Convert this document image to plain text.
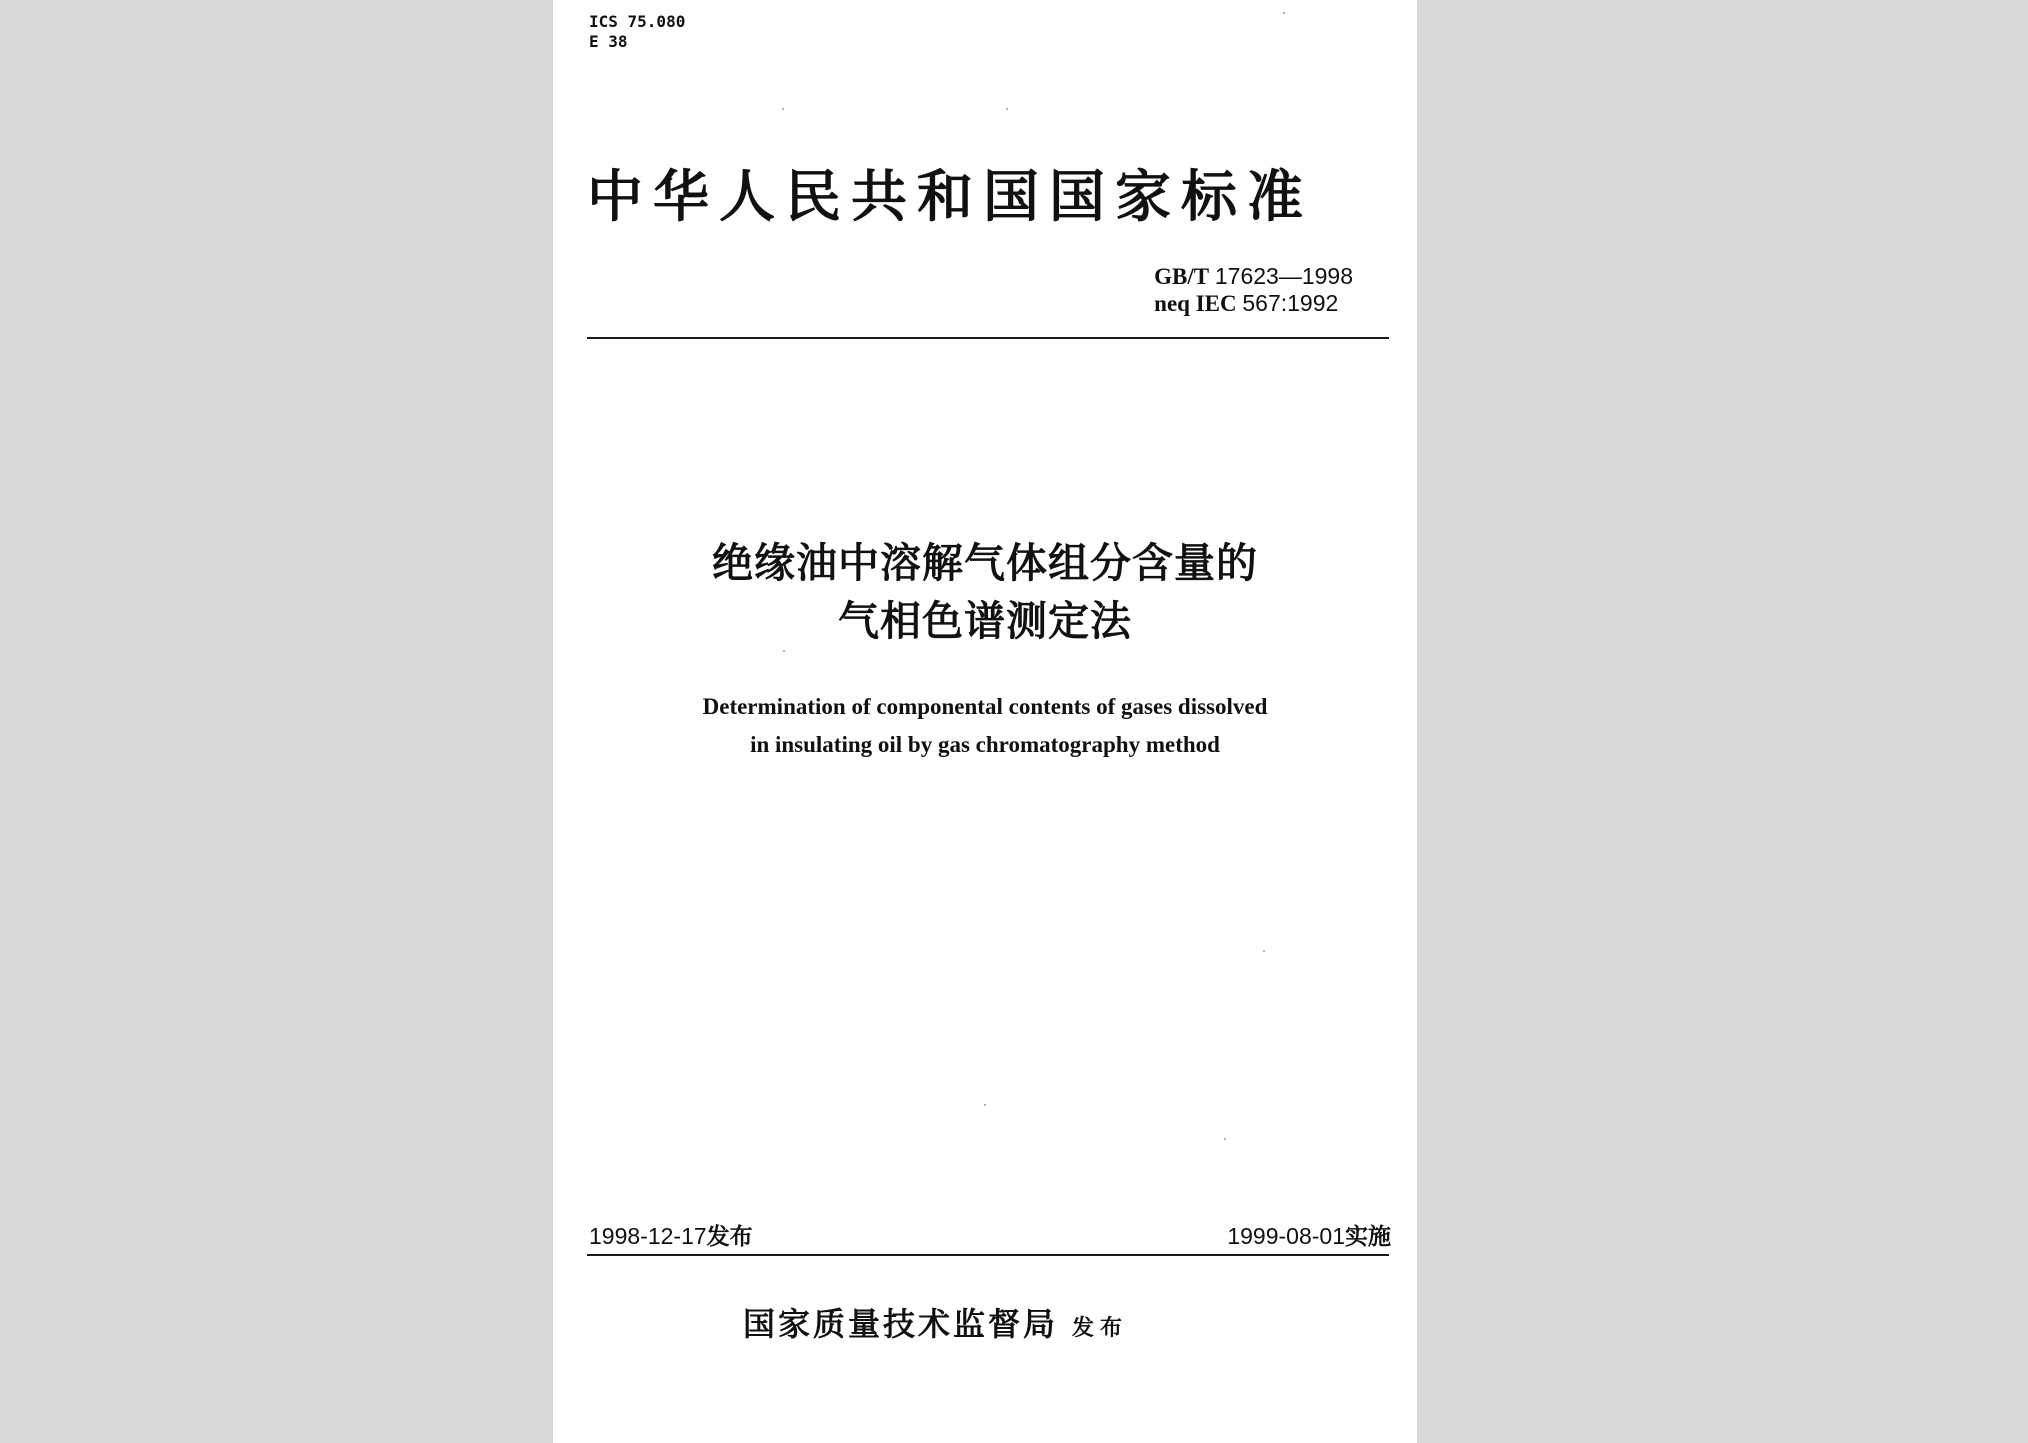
ICS 75.080
E 38
中华人民共和国国家标准
GB/T 17623—1998
neq IEC 567:1992
绝缘油中溶解气体组分含量的
气相色谱测定法
Determination of componental contents of gases dissolved
in insulating oil by gas chromatography method
1998-12-17发布	1999-08-01实施
国家质量技术监督局 发布
